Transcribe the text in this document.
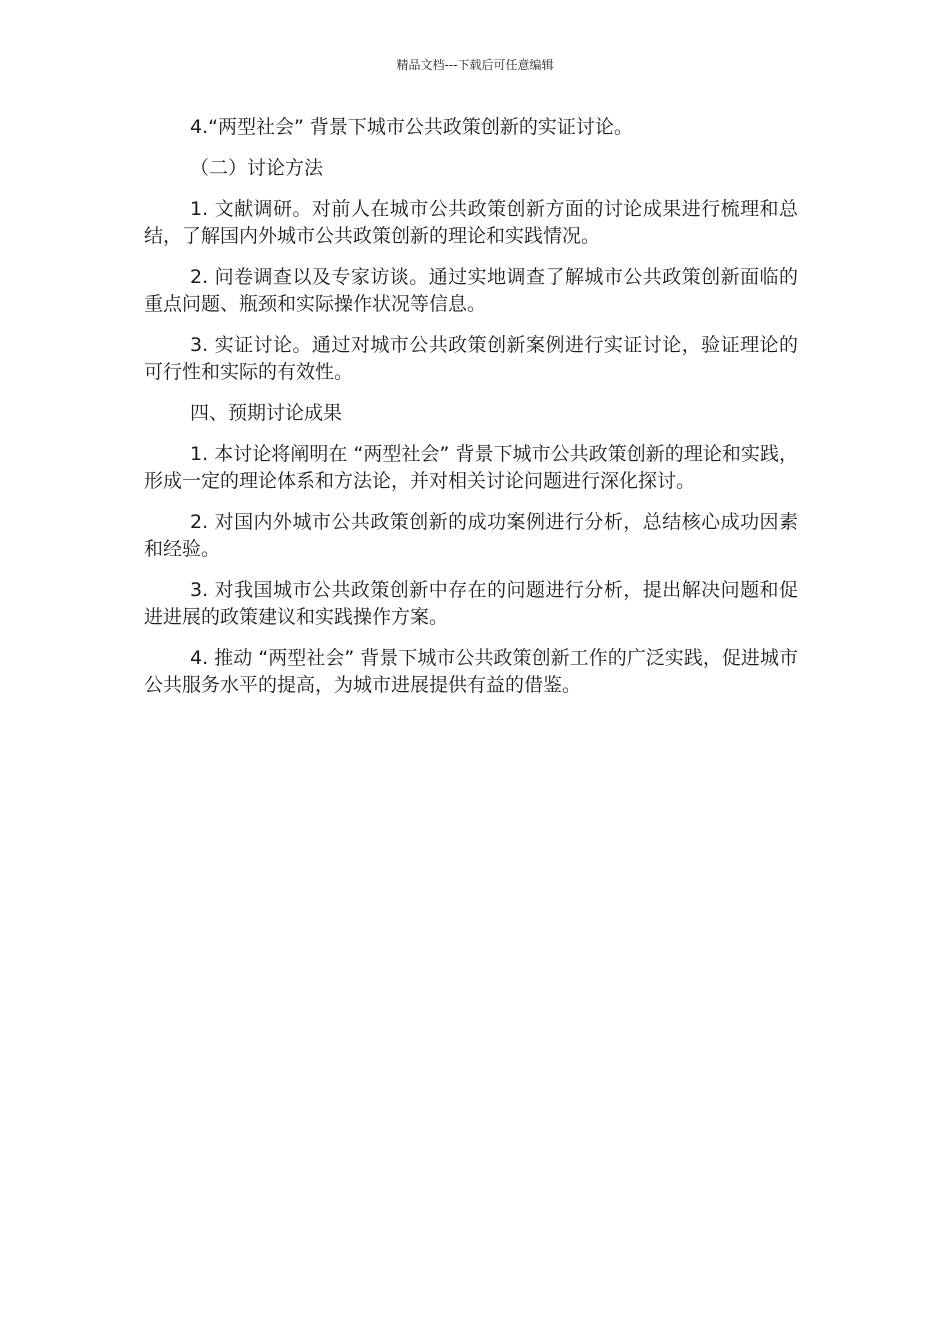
精品文档---下载后可任意编辑

4.“两型社会” 背景下城市公共政策创新的实证讨论。

（二）讨论方法

1. 文献调研。对前人在城市公共政策创新方面的讨论成果进行梳理和总结，了解国内外城市公共政策创新的理论和实践情况。

2. 问卷调查以及专家访谈。通过实地调查了解城市公共政策创新面临的重点问题、瓶颈和实际操作状况等信息。

3. 实证讨论。通过对城市公共政策创新案例进行实证讨论，验证理论的可行性和实际的有效性。

四、预期讨论成果

1. 本讨论将阐明在 “两型社会” 背景下城市公共政策创新的理论和实践，形成一定的理论体系和方法论，并对相关讨论问题进行深化探讨。

2. 对国内外城市公共政策创新的成功案例进行分析，总结核心成功因素和经验。

3. 对我国城市公共政策创新中存在的问题进行分析，提出解决问题和促进进展的政策建议和实践操作方案。

4. 推动 “两型社会” 背景下城市公共政策创新工作的广泛实践，促进城市公共服务水平的提高，为城市进展提供有益的借鉴。
